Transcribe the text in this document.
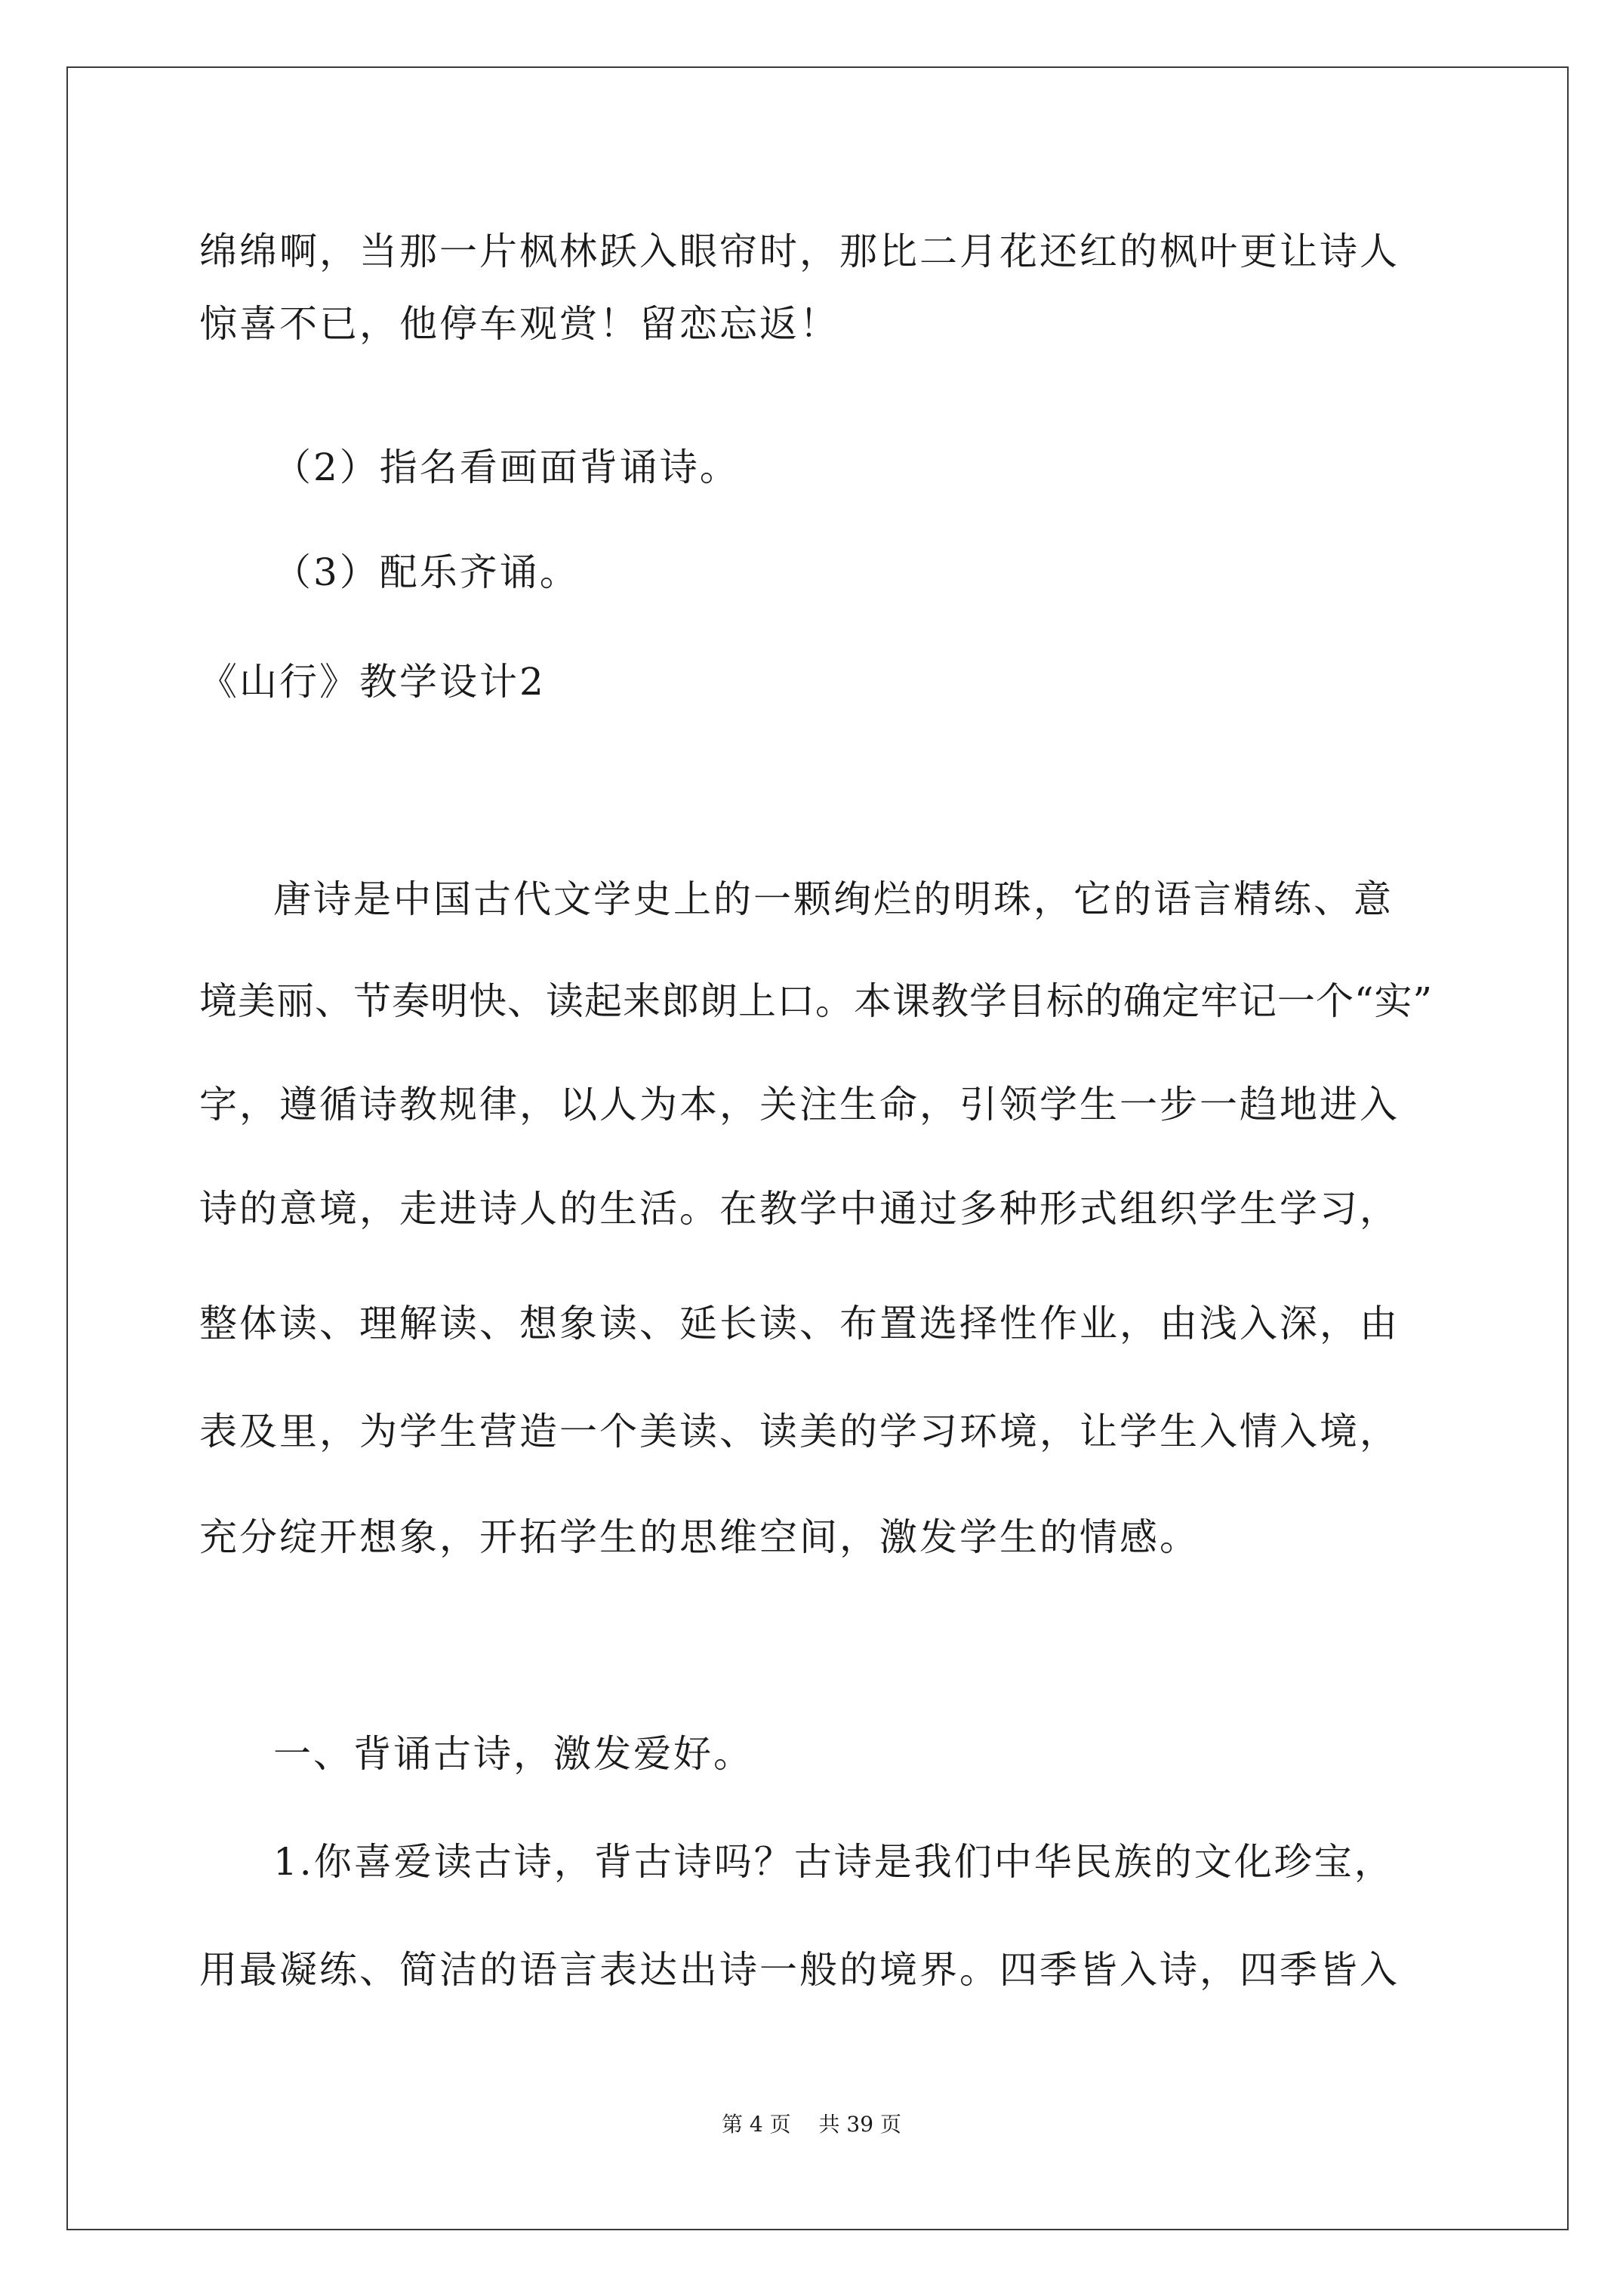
绵绵啊，当那一片枫林跃入眼帘时，那比二月花还红的枫叶更让诗人
惊喜不已，他停车观赏！留恋忘返！
（2）指名看画面背诵诗。
（3）配乐齐诵。
《山行》教学设计2
唐诗是中国古代文学史上的一颗绚烂的明珠，它的语言精练、意
境美丽、节奏明快、读起来郎朗上口。本课教学目标的确定牢记一个“实”
字，遵循诗教规律，以人为本，关注生命，引领学生一步一趋地进入
诗的意境，走进诗人的生活。在教学中通过多种形式组织学生学习，
整体读、理解读、想象读、延长读、布置选择性作业，由浅入深，由
表及里，为学生营造一个美读、读美的学习环境，让学生入情入境，
充分绽开想象，开拓学生的思维空间，激发学生的情感。
一、背诵古诗，激发爱好。
1.你喜爱读古诗，背古诗吗？古诗是我们中华民族的文化珍宝，
用最凝练、简洁的语言表达出诗一般的境界。四季皆入诗，四季皆入
第 4 页　 共 39 页
